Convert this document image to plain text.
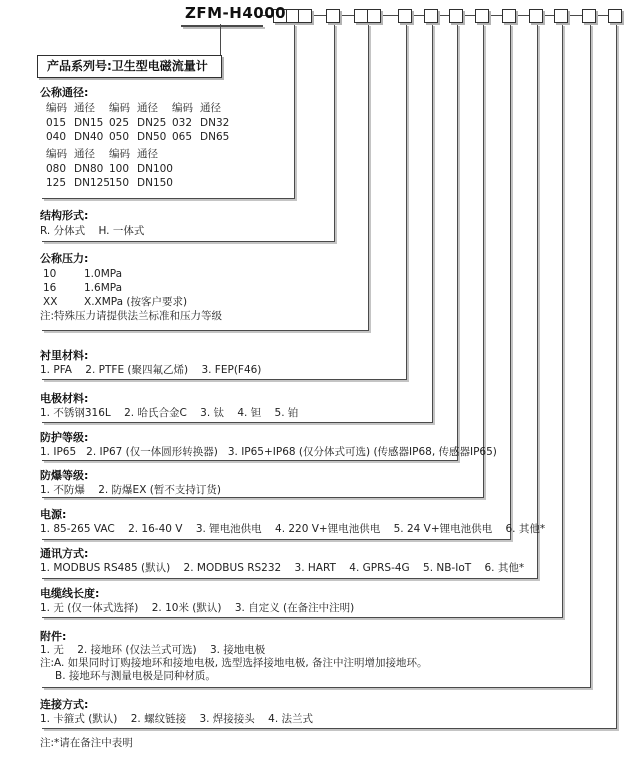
ZFM-H4000
产品系列号:卫生型电磁流量计
公称通径:
编码 通径	编码 通径	编码 通径
015 DN15 025 DN25 032 DN32
040 DN40 050 DN50 065 DN65
编码 通径	编码 通径
080 DN80 100 DN100
125 DN125 150 DN150
结构形式:
R. 分体式    H. 一体式
公称压力:
10	1.0MPa
16	1.6MPa
XX	X.XMPa (按客户要求)
注:特殊压力请提供法兰标准和压力等级
衬里材料:
1. PFA    2. PTFE (聚四氟乙烯)    3. FEP(F46)
电极材料:
1. 不锈钢316L    2. 哈氏合金C    3. 钛    4. 钽    5. 铂
防护等级:
1. IP65   2. IP67 (仅一体圆形转换器)   3. IP65+IP68 (仅分体式可选) (传感器IP68, 传感器IP65)
防爆等级:
1. 不防爆    2. 防爆EX (暂不支持订货)
电源:
1. 85-265 VAC    2. 16-40 V    3. 锂电池供电    4. 220 V+锂电池供电    5. 24 V+锂电池供电    6. 其他*
通讯方式:
1. MODBUS RS485 (默认)    2. MODBUS RS232    3. HART    4. GPRS-4G    5. NB-IoT    6. 其他*
电缆线长度:
1. 无 (仅一体式选择)    2. 10米 (默认)    3. 自定义 (在备注中注明)
附件:
1. 无    2. 接地环 (仅法兰式可选)    3. 接地电极
注:A. 如果同时订购接地环和接地电极, 选型选择接地电极, 备注中注明增加接地环。
B. 接地环与测量电极是同种材质。
连接方式:
1. 卡箍式 (默认)    2. 螺纹链接    3. 焊接接头    4. 法兰式
注:*请在备注中表明
